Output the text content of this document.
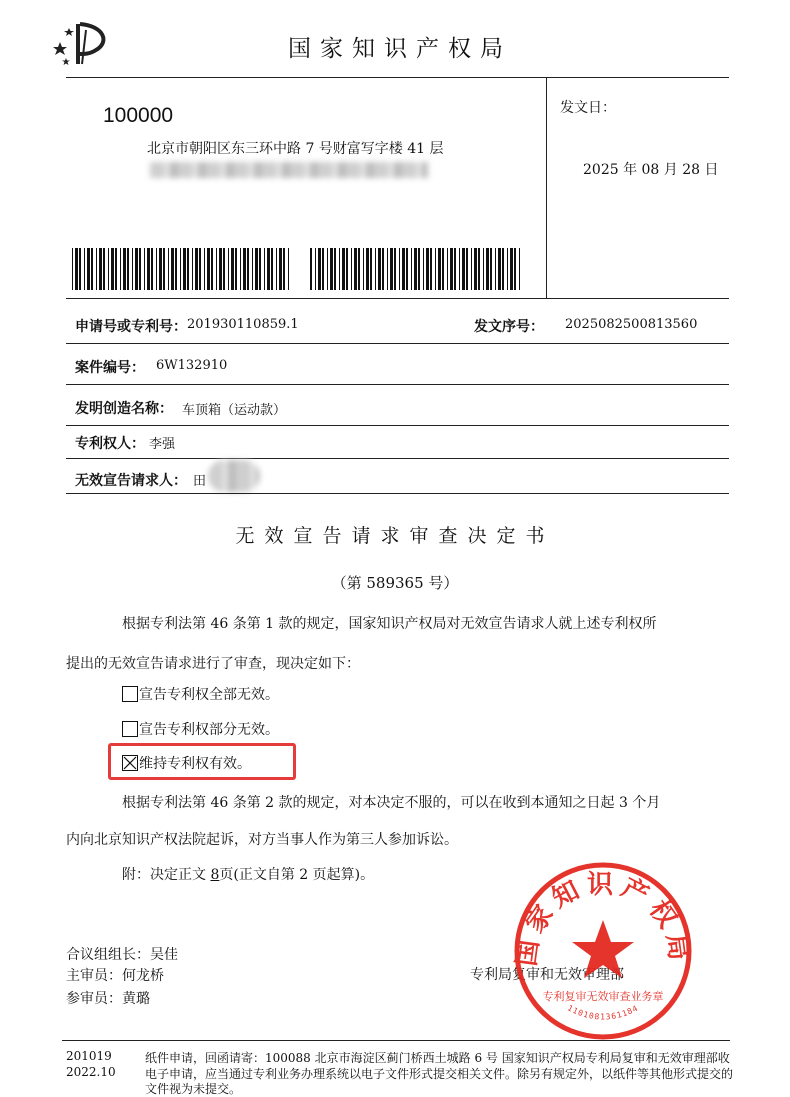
国家知识产权局
100000
北京市朝阳区东三环中路 7 号财富写字楼 41 层
发文日：
2025 年 08 月 28 日
申请号或专利号： 201930110859.1	发文序号： 2025082500813560
案件编号： 6W132910
发明创造名称： 车顶箱（运动款）
专利权人： 李强
无效宣告请求人： 田
无效宣告请求审查决定书
（第 589365 号）
根据专利法第 46 条第 1 款的规定，国家知识产权局对无效宣告请求人就上述专利权所
提出的无效宣告请求进行了审查，现决定如下：
宣告专利权全部无效。
宣告专利权部分无效。
维持专利权有效。
根据专利法第 46 条第 2 款的规定，对本决定不服的，可以在收到本通知之日起 3 个月
内向北京知识产权法院起诉，对方当事人作为第三人参加诉讼。
附：决定正文 8页(正文自第 2 页起算)。
合议组组长：吴佳
主审员：何龙桥
参审员：黄璐
专利局复审和无效审理部
国家知识产权局
专利复审无效审查业务章
1101081361184
201019
2022.10
纸件申请，回函请寄：100088 北京市海淀区蓟门桥西土城路 6 号 国家知识产权局专利局复审和无效审理部收
电子申请，应当通过专利业务办理系统以电子文件形式提交相关文件。除另有规定外，以纸件等其他形式提交的
文件视为未提交。
